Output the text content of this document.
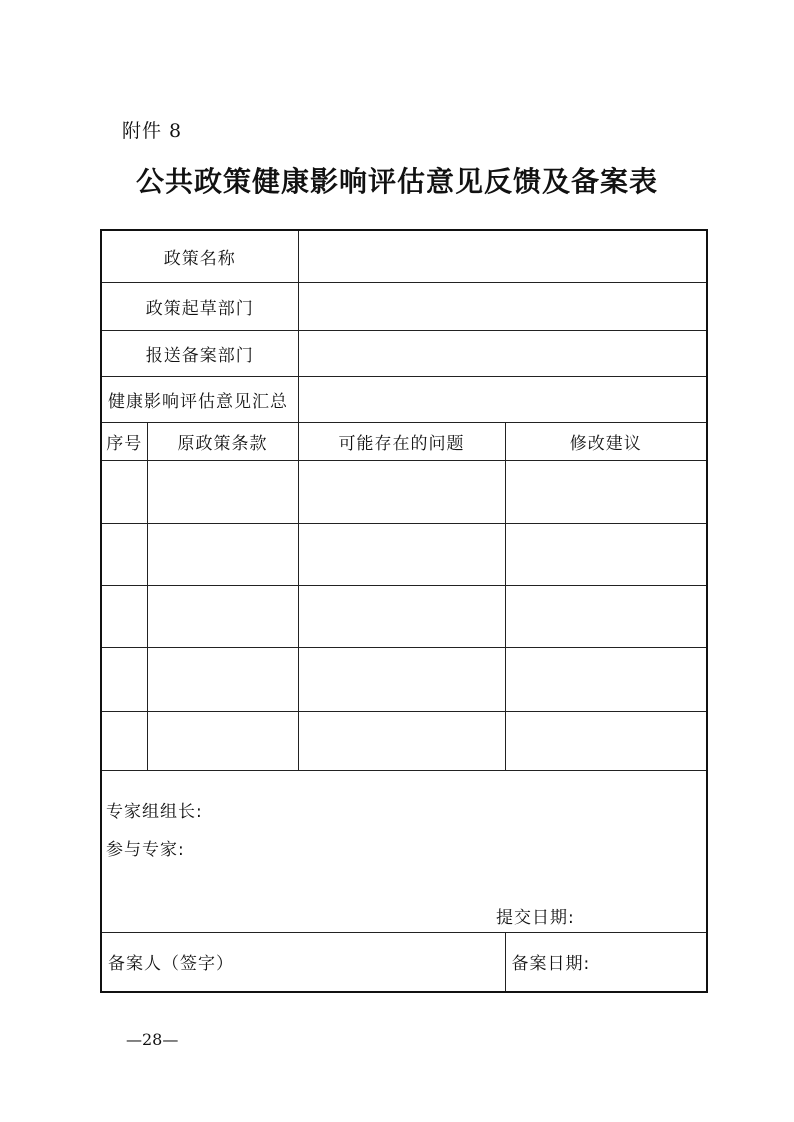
附件 8
公共政策健康影响评估意见反馈及备案表
政策名称			
政策起草部门			
报送备案部门			
健康影响评估意见汇总			
序号	原政策条款	可能存在的问题	修改建议

专家组组长:
参与专家:
提交日期:			

备案人（签字）			备案日期:
—28—
